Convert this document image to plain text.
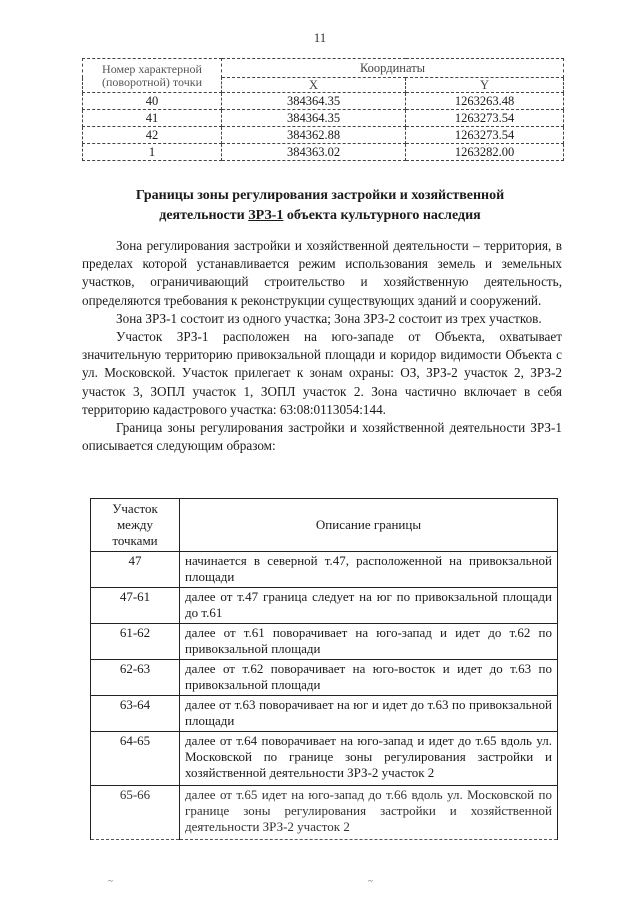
11
Номер характерной
(поворотной) точки	Координаты	
	X	Y
40	384364.35	1263263.48
41	384364.35	1263273.54
42	384362.88	1263273.54
1	384363.02	1263282.00
Границы зоны регулирования застройки и хозяйственной
деятельности ЗРЗ-1 объекта культурного наследия

Зона регулирования застройки и хозяйственной деятельности – территория, в пределах которой устанавливается режим использования земель и земельных участков, ограничивающий строительство и хозяйственную деятельность, определяются требования к реконструкции существующих зданий и сооружений.

Зона ЗРЗ-1 состоит из одного участка; Зона ЗРЗ-2 состоит из трех участков.

Участок ЗРЗ-1 расположен на юго-западе от Объекта, охватывает значительную территорию привокзальной площади и коридор видимости Объекта с ул. Московской. Участок прилегает к зонам охраны: ОЗ, ЗРЗ-2 участок 2, ЗРЗ-2 участок 3, ЗОПЛ участок 1, ЗОПЛ участок 2. Зона частично включает в себя территорию кадастрового участка: 63:08:0113054:144.

Граница зоны регулирования застройки и хозяйственной деятельности ЗРЗ-1 описывается следующим образом:

Участок
между
точками	Описание границы
47	начинается в северной т.47, расположенной на привокзальной площади
47-61	далее от т.47 граница следует на юг по привокзальной площади до т.61
61-62	далее от т.61 поворачивает на юго-запад и идет до т.62 по привокзальной площади
62-63	далее от т.62 поворачивает на юго-восток и идет до т.63 по привокзальной площади
63-64	далее от т.63 поворачивает на юг и идет до т.63 по привокзальной площади
64-65	далее от т.64 поворачивает на юго-запад и идет до т.65 вдоль ул. Московской по границе зоны регулирования застройки и хозяйственной деятельности ЗРЗ-2 участок 2
65-66	далее от т.65 идет на юго-запад до т.66 вдоль ул. Московской по границе зоны регулирования застройки и хозяйственной деятельности ЗРЗ-2 участок 2
~	~
